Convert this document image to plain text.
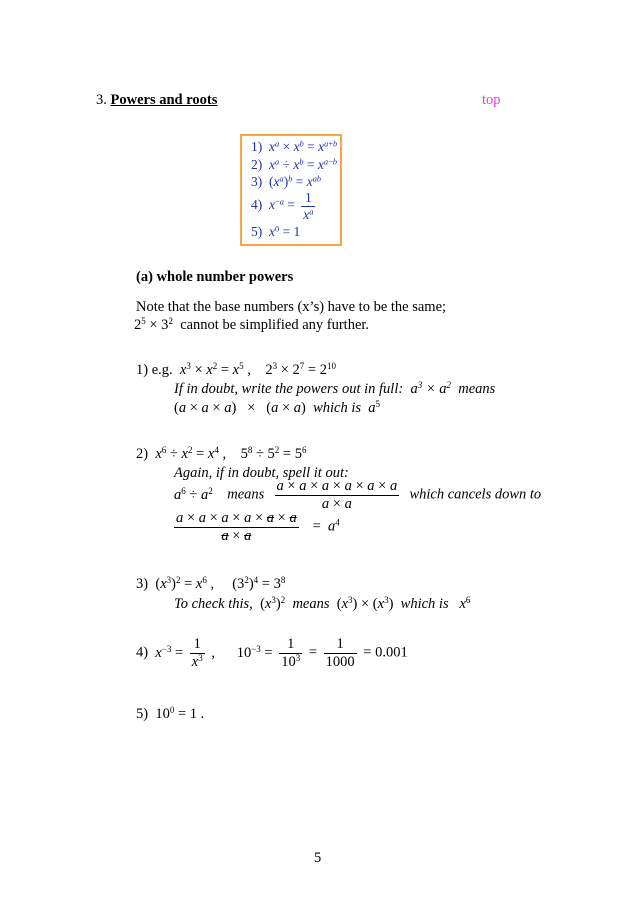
3. Powers and roots	top
1) $x^a \times x^b = x^{a+b}$
2) $x^a \div x^b = x^{a-b}$
3)  $(x^a)^b = x^{ab}$
4) $x^{-a} = \frac{1}{x^a}$
5) $x^0 = 1$
(a) whole number powers
Note that the base numbers (x’s) have to be the same;
$2^5 \times 3^2$ cannot be simplified any further.
1) e.g. $x^3 \times x^2 = x^5$ ,    $2^3 \times 2^7 = 2^{10}$
If in doubt, write the powers out in full: $a^3 \times a^2$ means
(a × a × a)   ×   (a × a)  which is $a^5$
2) $x^6 \div x^2 = x^4$ ,    $5^8 \div 5^2 = 5^6$
Again, if in doubt, spell it out:
$a^6 \div a^2$ means $\frac{a \times a \times a \times a \times a \times a}{a \times a}$ which cancels down to
$\frac{a \times a \times a \times a \times a \times a}{a \times a} = a^4$
3)  $(x^3)^2 = x^6$ ,     $(3^2)^4 = 3^8$
To check this,  $(x^3)^2$ means  $(x^3) \times (x^3)$  which is $x^6$
4) $x^{-3} = \frac{1}{x^3}$ ,      $10^{-3} = \frac{1}{10^3} = \frac{1}{1000} = 0.001$
5)  $10^0 = 1$ .
5
